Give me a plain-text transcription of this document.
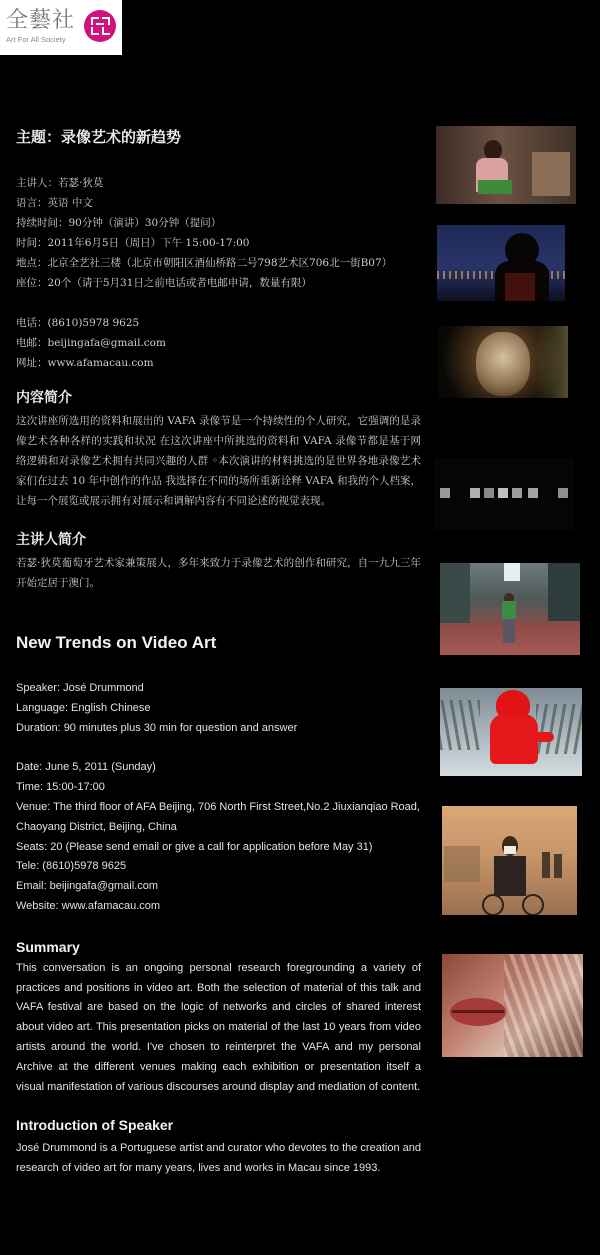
全藝社
Art For All Society
主题：录像艺术的新趋势
主讲人：若瑟·狄莫
语言：英语 中文
持续时间：90分钟（演讲）30分钟（提问）
时间：2011年6月5日（周日）下午 15:00-17:00
地点：北京全艺社三楼（北京市朝阳区酒仙桥路二号798艺术区706北一街B07）
座位：20个（请于5月31日之前电话或者电邮申请，数量有限）
电话：(8610)5978 9625
电邮：beijingafa@gmail.com
网址：www.afamacau.com
内容简介
这次讲座所选用的资料和展出的 VAFA 录像节是一个持续性的个人研究，它强调的是录像艺术各种各样的实践和状况 在这次讲座中所挑选的资料和 VAFA 录像节都是基于网络逻辑和对录像艺术拥有共同兴趣的人群 ◦本次演讲的材料挑选的是世界各地录像艺术家们在过去 10 年中创作的作品 我选择在不同的场所重新诠释 VAFA 和我的个人档案，让每一个展览或展示拥有对展示和调解内容有不同论述的视觉表现。
主讲人简介
若瑟·狄莫葡萄牙艺术家兼策展人，多年来致力于录像艺术的创作和研究，自一九九三年开始定居于澳门。
New Trends on Video Art
Speaker: José Drummond
Language: English Chinese
Duration: 90 minutes plus 30 min for question and answer
Date: June 5, 2011 (Sunday)
Time: 15:00-17:00
Venue: The third floor of AFA Beijing, 706 North First Street,No.2 Jiuxianqiao Road, Chaoyang District, Beijing, China
Seats: 20 (Please send email or give a call for application before May 31)
Tele: (8610)5978 9625
Email: beijingafa@gmail.com
Website: www.afamacau.com
Summary
This conversation is an ongoing personal research foregrounding a variety of practices and positions in video art. Both the selection of material of this talk and VAFA festival are based on the logic of networks and circles of shared interest about video art. This presentation picks on material of the last 10 years from video artists around the world. I've chosen to reinterpret the VAFA and my personal Archive at the different venues making each exhibition or presentation itself a visual manifestation of various discourses around display and mediation of content.
Introduction of Speaker
José Drummond is a Portuguese artist and curator who devotes to the creation and research of video art for many years, lives and works in Macau since 1993.
